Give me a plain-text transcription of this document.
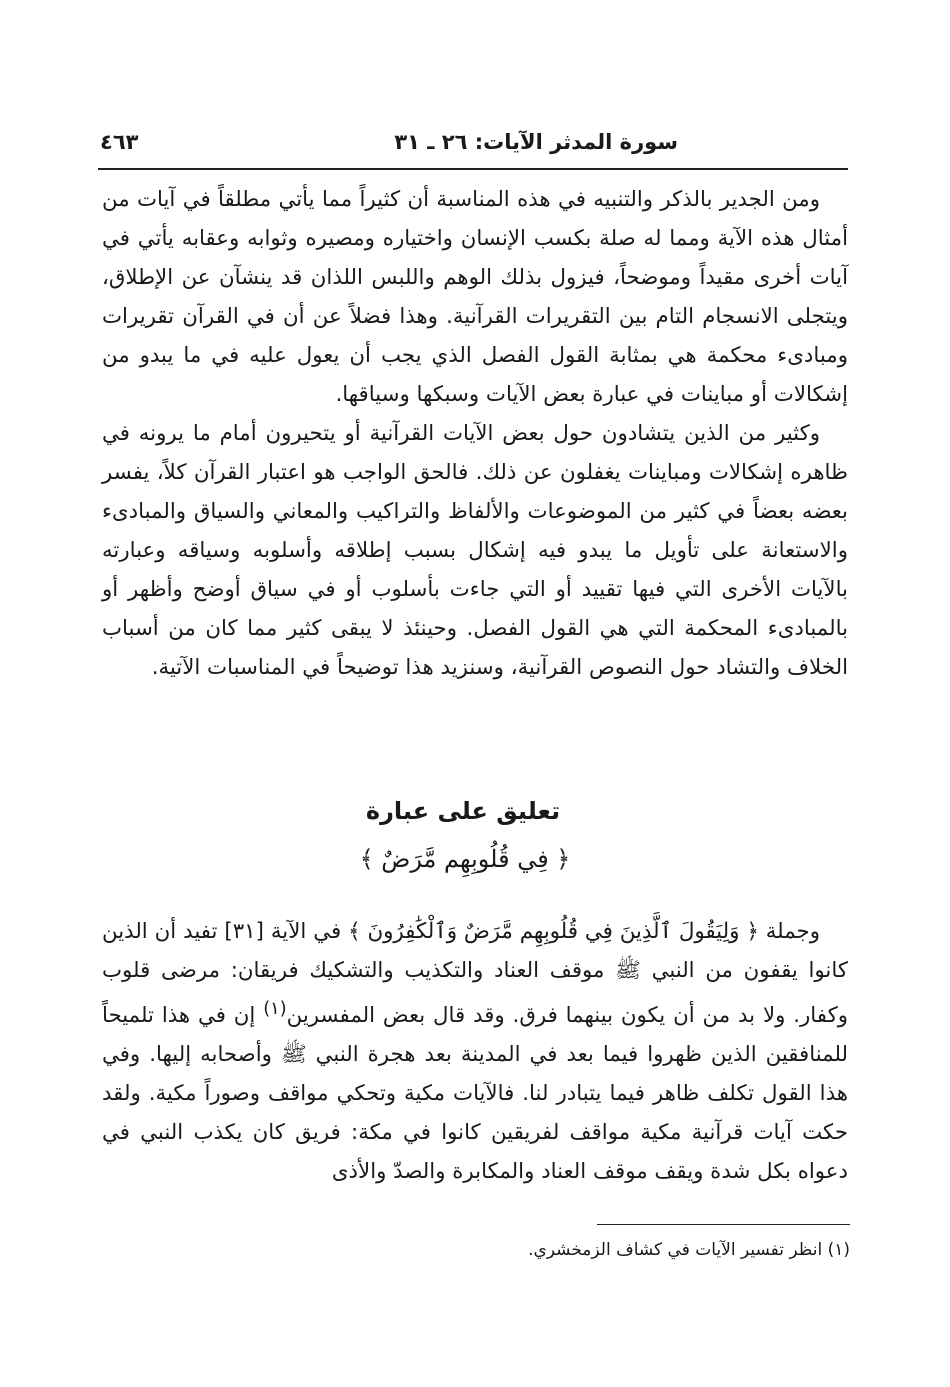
سورة المدثر الآيات: ٢٦ ـ ٣١
٤٦٣

ومن الجدير بالذكر والتنبيه في هذه المناسبة أن كثيراً مما يأتي مطلقاً في آيات من أمثال هذه الآية ومما له صلة بكسب الإنسان واختياره ومصيره وثوابه وعقابه يأتي في آيات أخرى مقيداً وموضحاً، فيزول بذلك الوهم واللبس اللذان قد ينشآن عن الإطلاق، ويتجلى الانسجام التام بين التقريرات القرآنية. وهذا فضلاً عن أن في القرآن تقريرات ومبادىء محكمة هي بمثابة القول الفصل الذي يجب أن يعول عليه في ما يبدو من إشكالات أو مباينات في عبارة بعض الآيات وسبكها وسياقها.

وكثير من الذين يتشادون حول بعض الآيات القرآنية أو يتحيرون أمام ما يرونه في ظاهره إشكالات ومباينات يغفلون عن ذلك. فالحق الواجب هو اعتبار القرآن كلاً، يفسر بعضه بعضاً في كثير من الموضوعات والألفاظ والتراكيب والمعاني والسياق والمبادىء والاستعانة على تأويل ما يبدو فيه إشكال بسبب إطلاقه وأسلوبه وسياقه وعبارته بالآيات الأخرى التي فيها تقييد أو التي جاءت بأسلوب أو في سياق أوضح وأظهر أو بالمبادىء المحكمة التي هي القول الفصل. وحينئذ لا يبقى كثير مما كان من أسباب الخلاف والتشاد حول النصوص القرآنية، وسنزيد هذا توضيحاً في المناسبات الآتية.

تعليق على عبارة
﴿ فِي قُلُوبِهِم مَّرَضٌ ﴾

وجملة ﴿ وَلِيَقُولَ ٱلَّذِينَ فِي قُلُوبِهِم مَّرَضٌ وَٱلْكَٰفِرُونَ ﴾ في الآية [٣١] تفيد أن الذين كانوا يقفون من النبي ﷺ موقف العناد والتكذيب والتشكيك فريقان: مرضى قلوب وكفار. ولا بد من أن يكون بينهما فرق. وقد قال بعض المفسرين$^{(١)}$ إن في هذا تلميحاً للمنافقين الذين ظهروا فيما بعد في المدينة بعد هجرة النبي ﷺ وأصحابه إليها. وفي هذا القول تكلف ظاهر فيما يتبادر لنا. فالآيات مكية وتحكي مواقف وصوراً مكية. ولقد حكت آيات قرآنية مكية مواقف لفريقين كانوا في مكة: فريق كان يكذب النبي في دعواه بكل شدة ويقف موقف العناد والمكابرة والصدّ والأذى

(١) انظر تفسير الآيات في كشاف الزمخشري.
